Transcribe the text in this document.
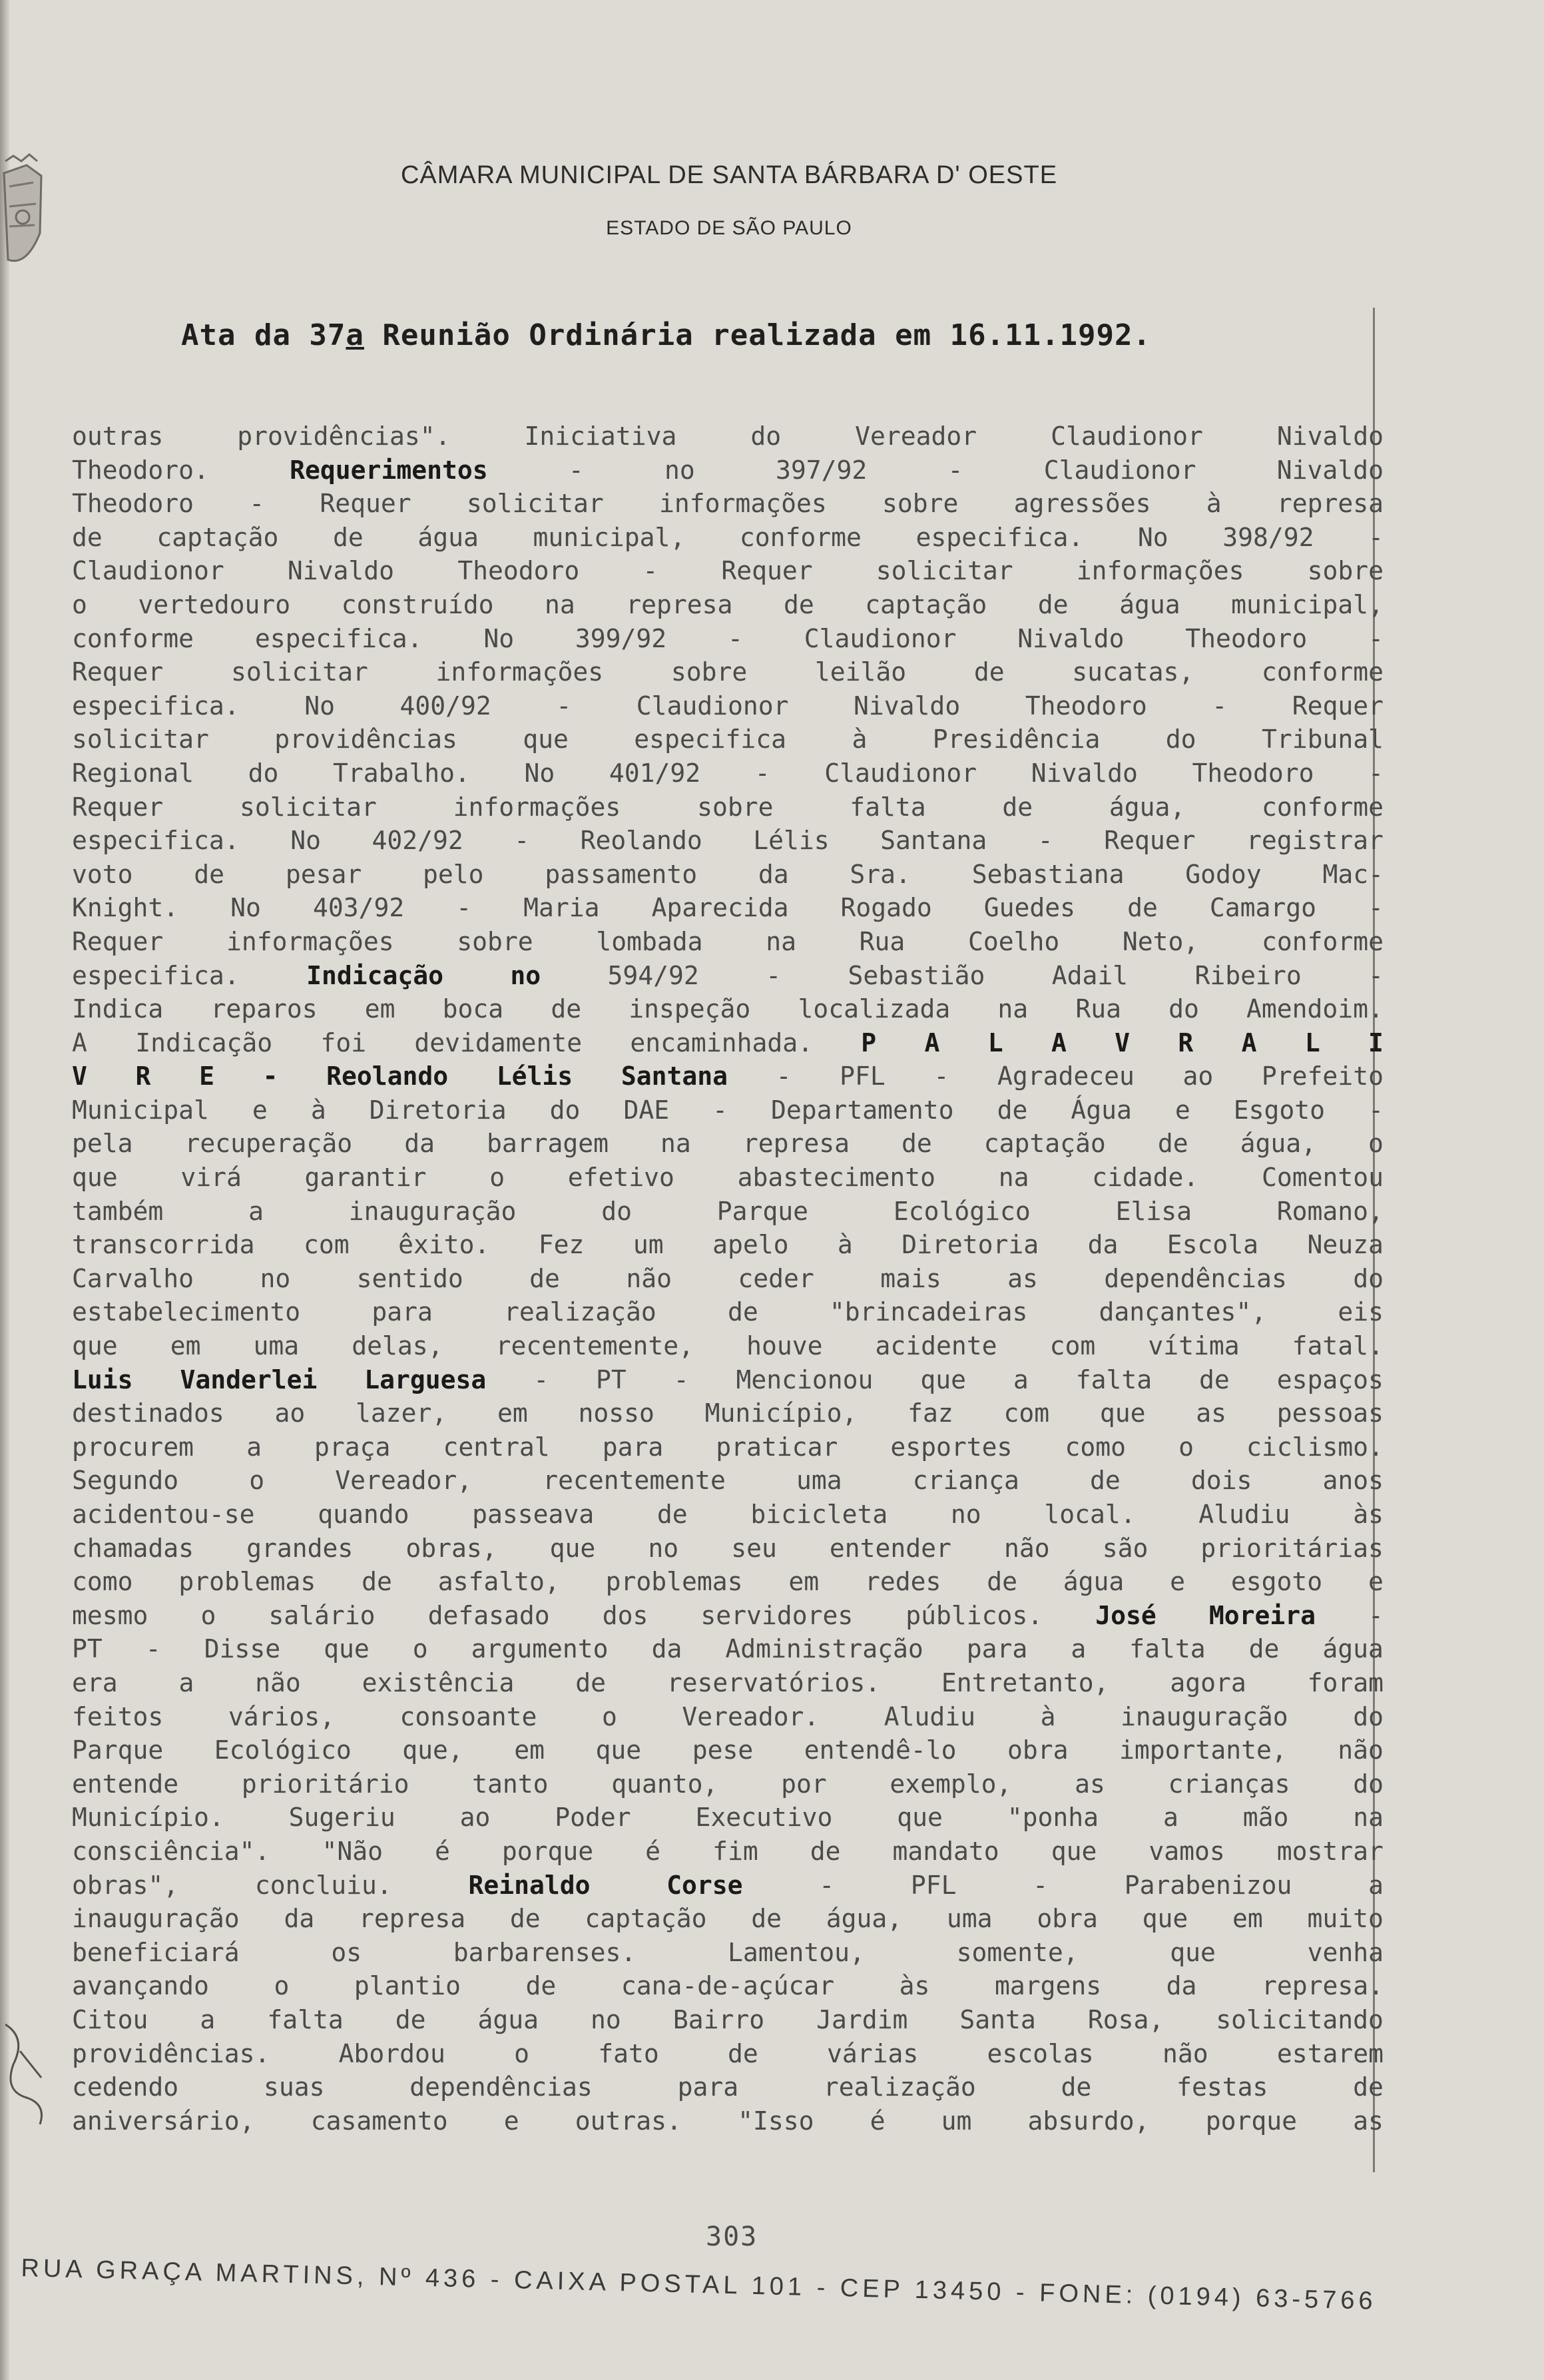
CÂMARA MUNICIPAL DE SANTA BÁRBARA D' OESTE
ESTADO DE SÃO PAULO
Ata da 37a Reunião Ordinária realizada em 16.11.1992.
outras	providências".	Iniciativa	do	Vereador	Claudionor	Nivaldo
Theodoro.	Requerimentos	-	no	397/92	-	Claudionor	Nivaldo
Theodoro - Requer solicitar informações sobre agressões à represa
de captação de água municipal, conforme especifica. No 398/92 -
Claudionor	Nivaldo	Theodoro	-	Requer	solicitar	informações	sobre
o vertedouro construído na represa de captação de água municipal,
conforme especifica. No 399/92 - Claudionor Nivaldo Theodoro -
Requer	solicitar	informações	sobre	leilão	de	sucatas,	conforme
especifica.	No	400/92	-	Claudionor	Nivaldo	Theodoro	-	Requer
solicitar	providências	que	especifica	à	Presidência	do	Tribunal
Regional do Trabalho. No 401/92 - Claudionor Nivaldo Theodoro -
Requer	solicitar	informações	sobre	falta	de	água,	conforme
especifica. No 402/92 - Reolando Lélis Santana - Requer registrar
voto de pesar pelo passamento da Sra. Sebastiana Godoy Mac-
Knight. No 403/92 - Maria Aparecida Rogado Guedes de Camargo -
Requer informações sobre lombada na Rua Coelho Neto, conforme
especifica.	Indicação	no	594/92	-	Sebastião	Adail	Ribeiro	-
Indica reparos em boca de inspeção localizada na Rua do Amendoim.
A Indicação foi devidamente encaminhada. P A L A V R A L I
V R E - Reolando Lélis Santana - PFL - Agradeceu ao Prefeito
Municipal e à Diretoria do DAE - Departamento de Água e Esgoto -
pela recuperação da barragem na represa de captação de água, o
que virá garantir o efetivo abastecimento na cidade. Comentou
também	a	inauguração	do	Parque	Ecológico	Elisa	Romano,
transcorrida com êxito. Fez um apelo à Diretoria da Escola Neuza
Carvalho	no	sentido	de	não	ceder	mais	as	dependências	do
estabelecimento	para	realização	de	"brincadeiras	dançantes",	eis
que em uma delas, recentemente, houve acidente com vítima fatal.
Luis Vanderlei Larguesa - PT - Mencionou que a falta de espaços
destinados ao lazer, em nosso Município, faz com que as pessoas
procurem a praça central para praticar esportes como o ciclismo.
Segundo	o	Vereador,	recentemente	uma	criança	de	dois	anos
acidentou-se quando passeava de bicicleta no local. Aludiu às
chamadas grandes obras, que no seu entender não são prioritárias
como problemas de asfalto, problemas em redes de água e esgoto e
mesmo o salário defasado dos servidores públicos. José Moreira -
PT - Disse que o argumento da Administração para a falta de água
era a não existência de reservatórios. Entretanto, agora foram
feitos	vários,	consoante	o	Vereador.	Aludiu	à	inauguração	do
Parque Ecológico que, em que pese entendê-lo obra importante, não
entende prioritário tanto quanto, por exemplo, as crianças do
Município.	Sugeriu	ao	Poder	Executivo	que	"ponha	a	mão	na
consciência". "Não é porque é fim de mandato que vamos mostrar
obras",	concluiu.	Reinaldo	Corse	-	PFL	-	Parabenizou	a
inauguração da represa de captação de água, uma obra que em muito
beneficiará	os	barbarenses.	Lamentou,	somente,	que	venha
avançando	o	plantio	de	cana-de-açúcar	às	margens	da	represa.
Citou a falta de água no Bairro Jardim Santa Rosa, solicitando
providências.	Abordou	o	fato	de	várias	escolas	não	estarem
cedendo	suas	dependências	para	realização	de	festas	de
aniversário, casamento e outras. "Isso é um absurdo, porque as
303
RUA GRAÇA MARTINS, Nº 436 - CAIXA POSTAL 101 - CEP 13450 - FONE: (0194) 63-5766
